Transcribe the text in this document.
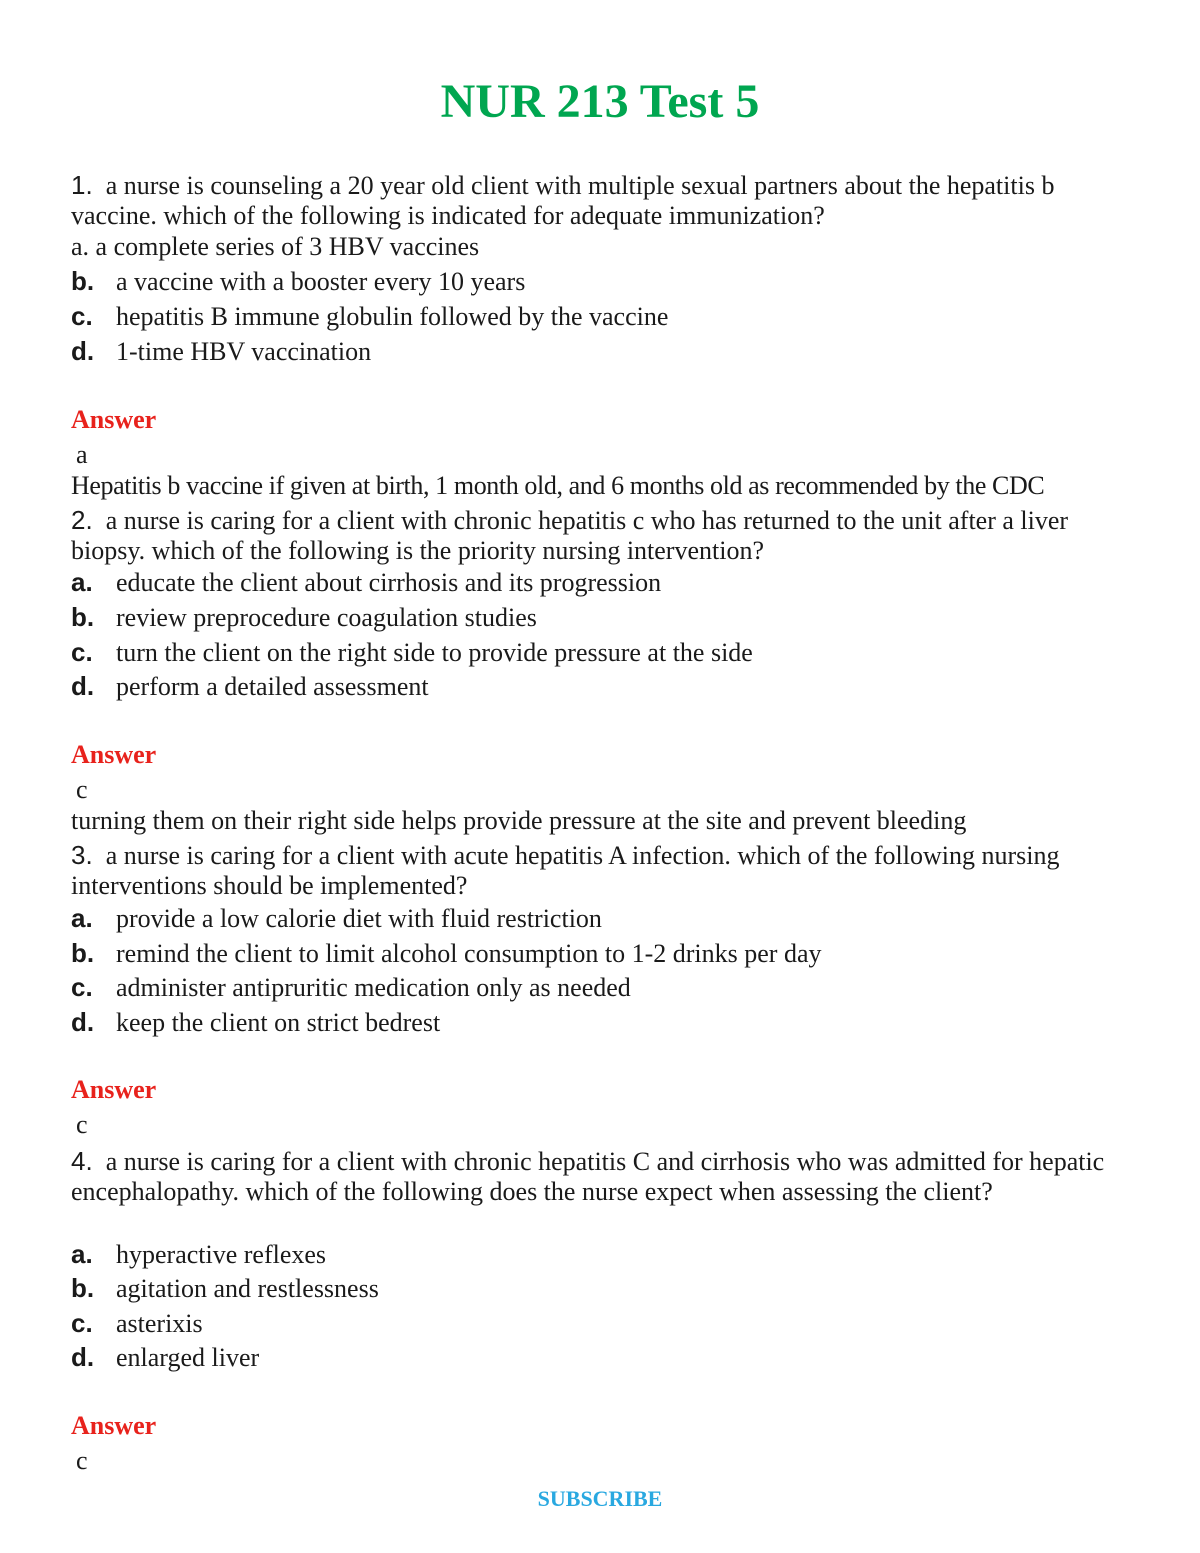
NUR 213 Test 5
1. a nurse is counseling a 20 year old client with multiple sexual partners about the hepatitis b vaccine. which of the following is indicated for adequate immunization?
a. a complete series of 3 HBV vaccines
b. a vaccine with a booster every 10 years
c. hepatitis B immune globulin followed by the vaccine
d. 1-time HBV vaccination
Answer
a
Hepatitis b vaccine if given at birth, 1 month old, and 6 months old as recommended by the CDC
2. a nurse is caring for a client with chronic hepatitis c who has returned to the unit after a liver biopsy. which of the following is the priority nursing intervention?
a. educate the client about cirrhosis and its progression
b. review preprocedure coagulation studies
c. turn the client on the right side to provide pressure at the side
d. perform a detailed assessment
Answer
c
turning them on their right side helps provide pressure at the site and prevent bleeding
3. a nurse is caring for a client with acute hepatitis A infection. which of the following nursing interventions should be implemented?
a. provide a low calorie diet with fluid restriction
b. remind the client to limit alcohol consumption to 1-2 drinks per day
c. administer antipruritic medication only as needed
d. keep the client on strict bedrest
Answer
c
4. a nurse is caring for a client with chronic hepatitis C and cirrhosis who was admitted for hepatic encephalopathy. which of the following does the nurse expect when assessing the client?
a. hyperactive reflexes
b. agitation and restlessness
c. asterixis
d. enlarged liver
Answer
c
SUBSCRIBE
